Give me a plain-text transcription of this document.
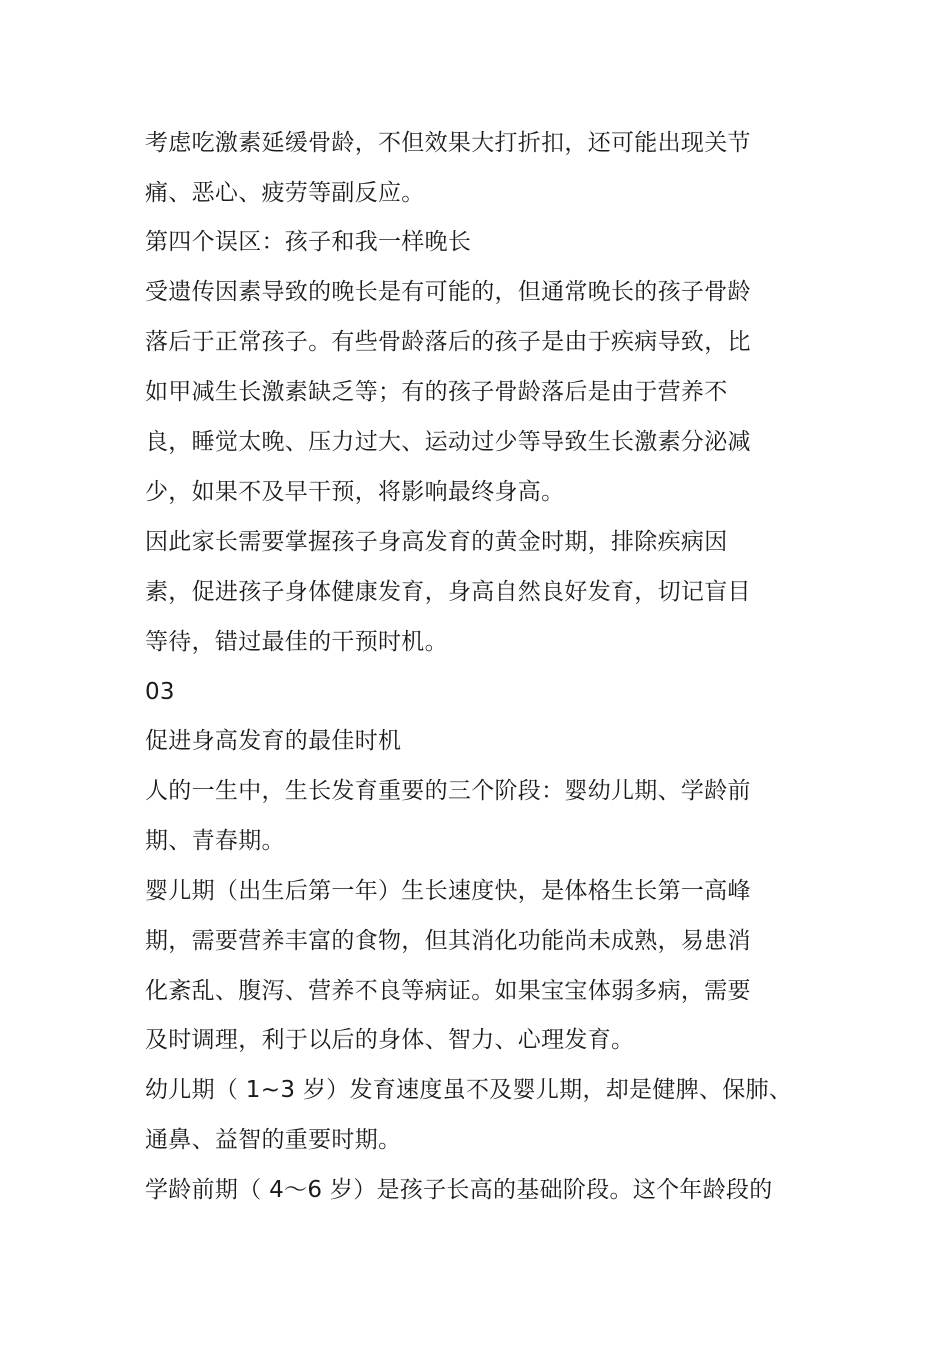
考虑吃激素延缓骨龄，不但效果大打折扣，还可能出现关节
痛、恶心、疲劳等副反应。
第四个误区：孩子和我一样晚长
受遗传因素导致的晚长是有可能的，但通常晚长的孩子骨龄
落后于正常孩子。有些骨龄落后的孩子是由于疾病导致，比
如甲减生长激素缺乏等；有的孩子骨龄落后是由于营养不
良，睡觉太晚、压力过大、运动过少等导致生长激素分泌减
少，如果不及早干预，将影响最终身高。
因此家长需要掌握孩子身高发育的黄金时期，排除疾病因
素，促进孩子身体健康发育，身高自然良好发育，切记盲目
等待，错过最佳的干预时机。
03
促进身高发育的最佳时机
人的一生中，生长发育重要的三个阶段：婴幼儿期、学龄前
期、青春期。
婴儿期（出生后第一年）生长速度快，是体格生长第一高峰
期，需要营养丰富的食物，但其消化功能尚未成熟，易患消
化紊乱、腹泻、营养不良等病证。如果宝宝体弱多病，需要
及时调理，利于以后的身体、智力、心理发育。
幼儿期（ 1~3 岁）发育速度虽不及婴儿期，却是健脾、保肺、
通鼻、益智的重要时期。
学龄前期（ 4～6 岁）是孩子长高的基础阶段。这个年龄段的
